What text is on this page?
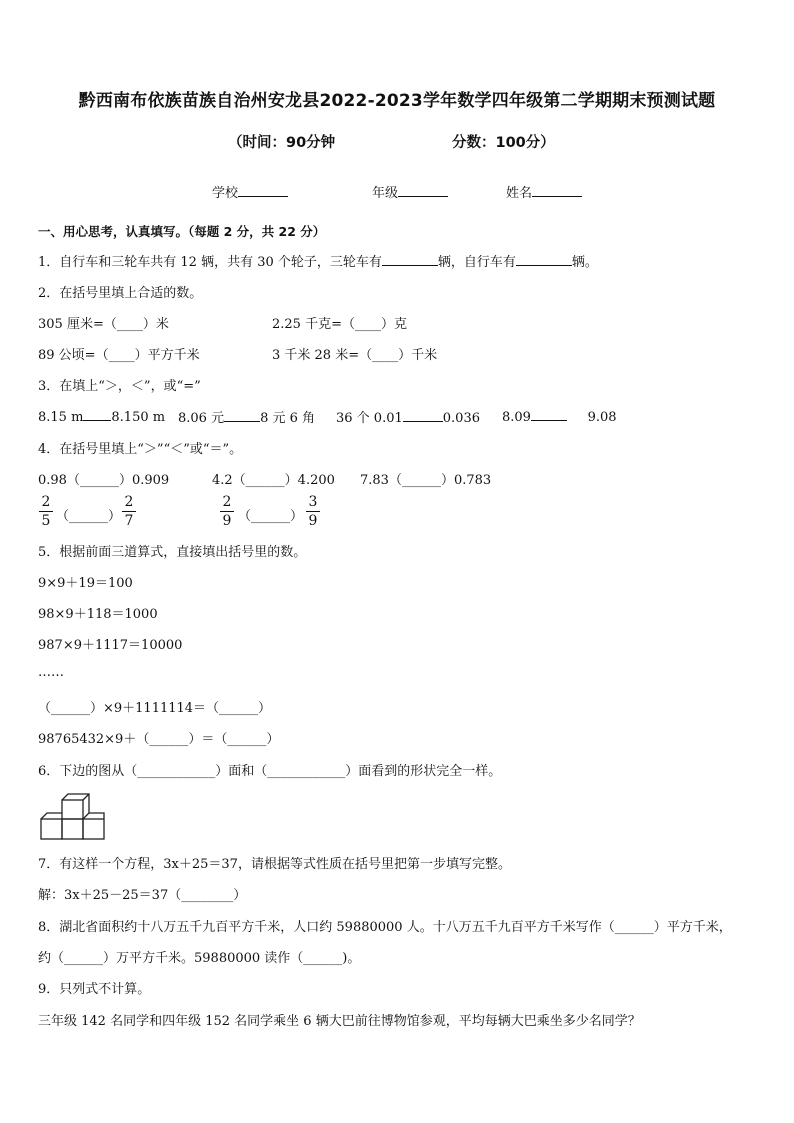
黔西南布依族苗族自治州安龙县2022-2023学年数学四年级第二学期期末预测试题
（时间：90分钟	分数：100分）
学校	年级	姓名
一、用心思考，认真填写。（每题 2 分，共 22 分）
1．自行车和三轮车共有 12 辆，共有 30 个轮子，三轮车有	辆，自行车有	辆。
2．在括号里填上合适的数。
305 厘米=（____）米	2.25 千克=（____）克
89 公顷=（____）平方千米	3 千米 28 米=（____）千米
3．在填上“＞，＜”，或“=”
8.15 m 8.150 m 8.06 元	8 元 6 角 36 个 0.01	0.036 8.09	9.08
4．在括号里填上“＞”“＜”或“＝”。
0.98（______）0.909	4.2（______）4.200 7.83（______）0.783
2
5 （______）
2
7
2
9 （______）
3
9
5．根据前面三道算式，直接填出括号里的数。
9×9＋19＝100
98×9＋118＝1000
987×9＋1117＝10000
……
（______）×9＋1111114＝（______）
98765432×9＋（______）＝（______）
6．下边的图从（____________）面和（____________）面看到的形状完全一样。
7．有这样一个方程，3x＋25＝37，请根据等式性质在括号里把第一步填写完整。
解：3x＋25－25＝37（________）
8．湖北省面积约十八万五千九百平方千米，人口约 59880000 人。十八万五千九百平方千米写作（______）平方千米，
约（______）万平方千米。59880000 读作（______)。
9．只列式不计算。
三年级 142 名同学和四年级 152 名同学乘坐 6 辆大巴前往博物馆参观，平均每辆大巴乘坐多少名同学？
